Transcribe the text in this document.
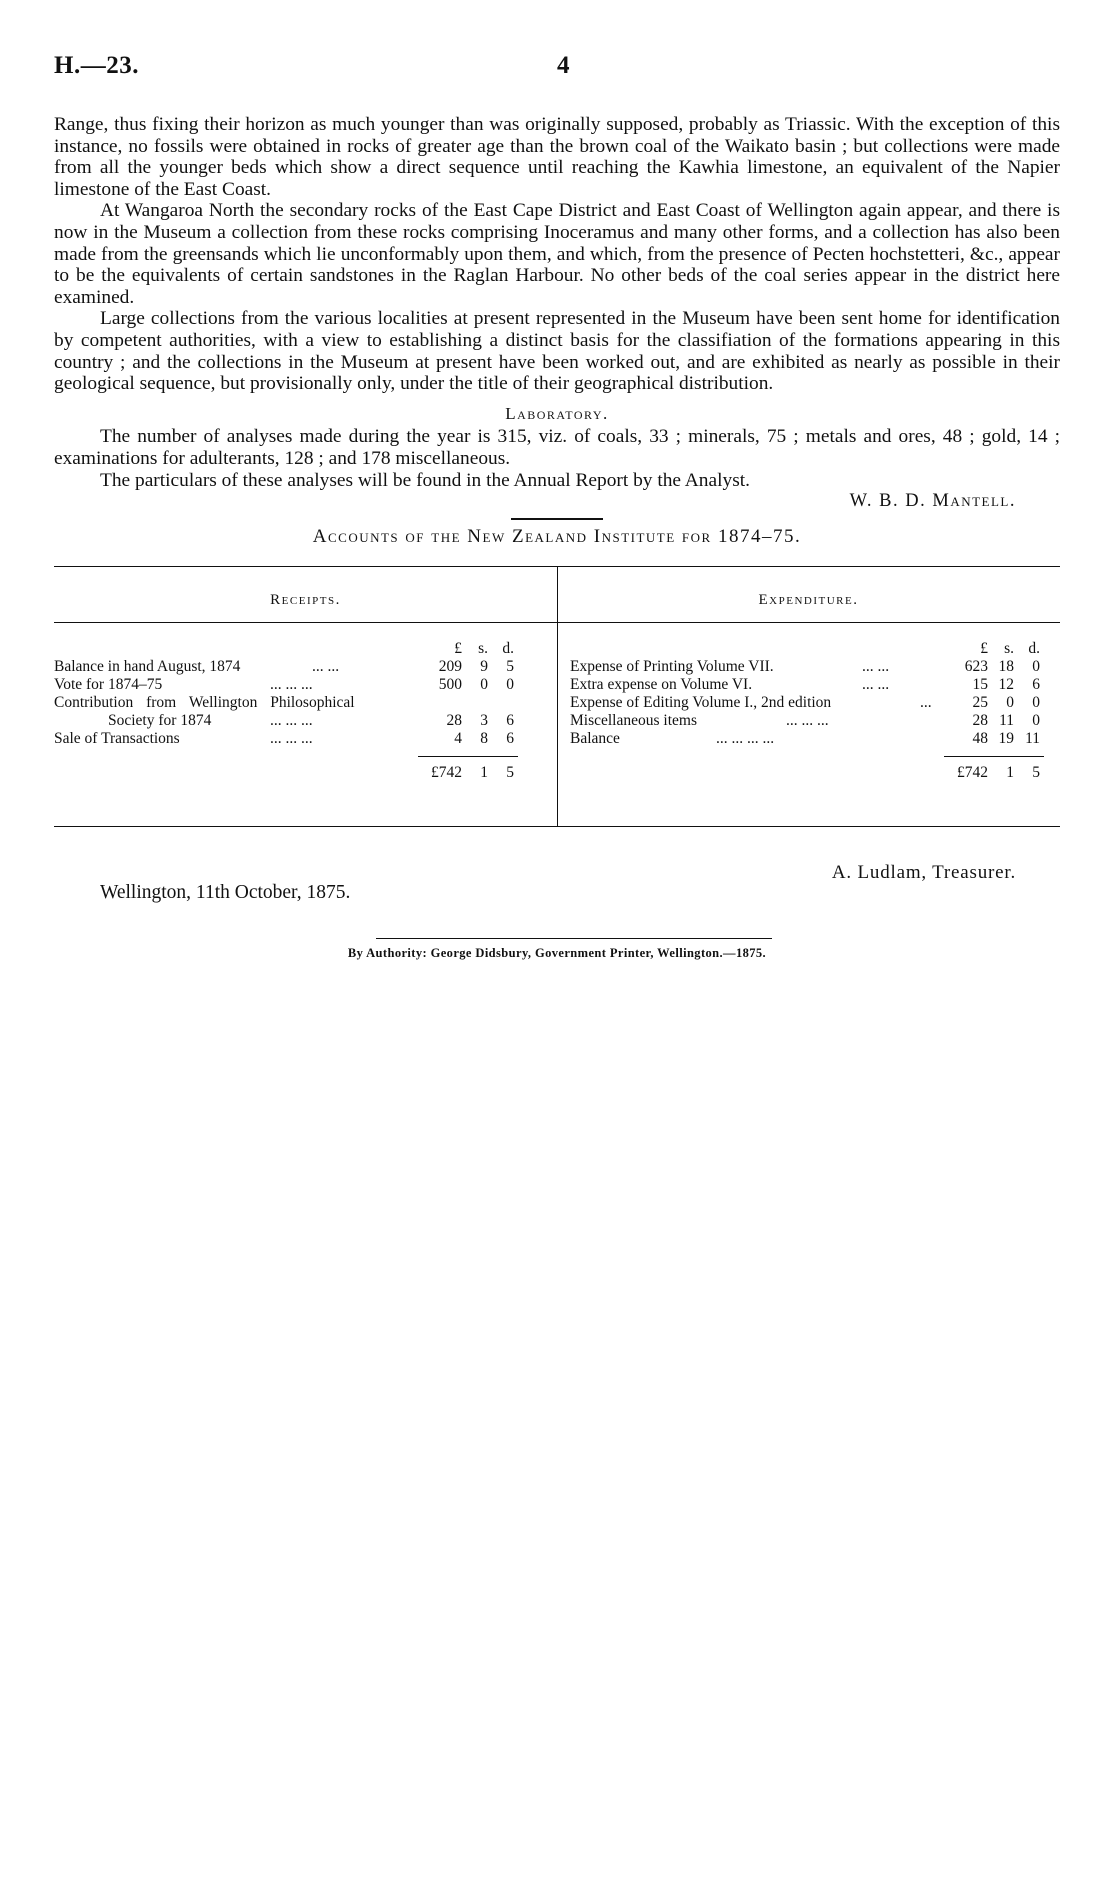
H.—23.	4

Range, thus fixing their horizon as much younger than was originally supposed, probably as Triassic. With the exception of this instance, no fossils were obtained in rocks of greater age than the brown coal of the Waikato basin ; but collections were made from all the younger beds which show a direct sequence until reaching the Kawhia limestone, an equivalent of the Napier limestone of the East Coast.

At Wangaroa North the secondary rocks of the East Cape District and East Coast of Wellington again appear, and there is now in the Museum a collection from these rocks comprising Inoceramus and many other forms, and a collection has also been made from the greensands which lie unconformably upon them, and which, from the presence of Pecten hochstetteri, &c., appear to be the equivalents of certain sandstones in the Raglan Harbour. No other beds of the coal series appear in the district here examined.

Large collections from the various localities at present represented in the Museum have been sent home for identification by competent authorities, with a view to establishing a distinct basis for the classifiation of the formations appearing in this country ; and the collections in the Museum at present have been worked out, and are exhibited as nearly as possible in their geological sequence, but provisionally only, under the title of their geographical distribution.

Laboratory.

The number of analyses made during the year is 315, viz. of coals, 33 ; minerals, 75 ; metals and ores, 48 ; gold, 14 ; examinations for adulterants, 128 ; and 178 miscellaneous.

The particulars of these analyses will be found in the Annual Report by the Analyst.

W. B. D. Mantell.
Accounts of the New Zealand Institute for 1874–75.
Receipts.	Expenditure.
£	s. d.
Balance in hand August, 1874	... ...	209	9	5
Vote for 1874–75	... ... ...	500	0	0
Contribution from Wellington Philosophical
Society for 1874	... ... ...	28	3	6
Sale of Transactions	... ... ...	4	8	6
£742	1	5
£	s. d.
Expense of Printing Volume VII.	... ...	623 18	0
Extra expense on Volume VI.	... ...	15 12	6
Expense of Editing Volume I., 2nd edition	...	25	0	0
Miscellaneous items	... ... ...	28 11	0
Balance	... ... ... ...	48 19 11
£742	1	5
A. Ludlam, Treasurer.
Wellington, 11th October, 1875.
By Authority: George Didsbury, Government Printer, Wellington.—1875.
